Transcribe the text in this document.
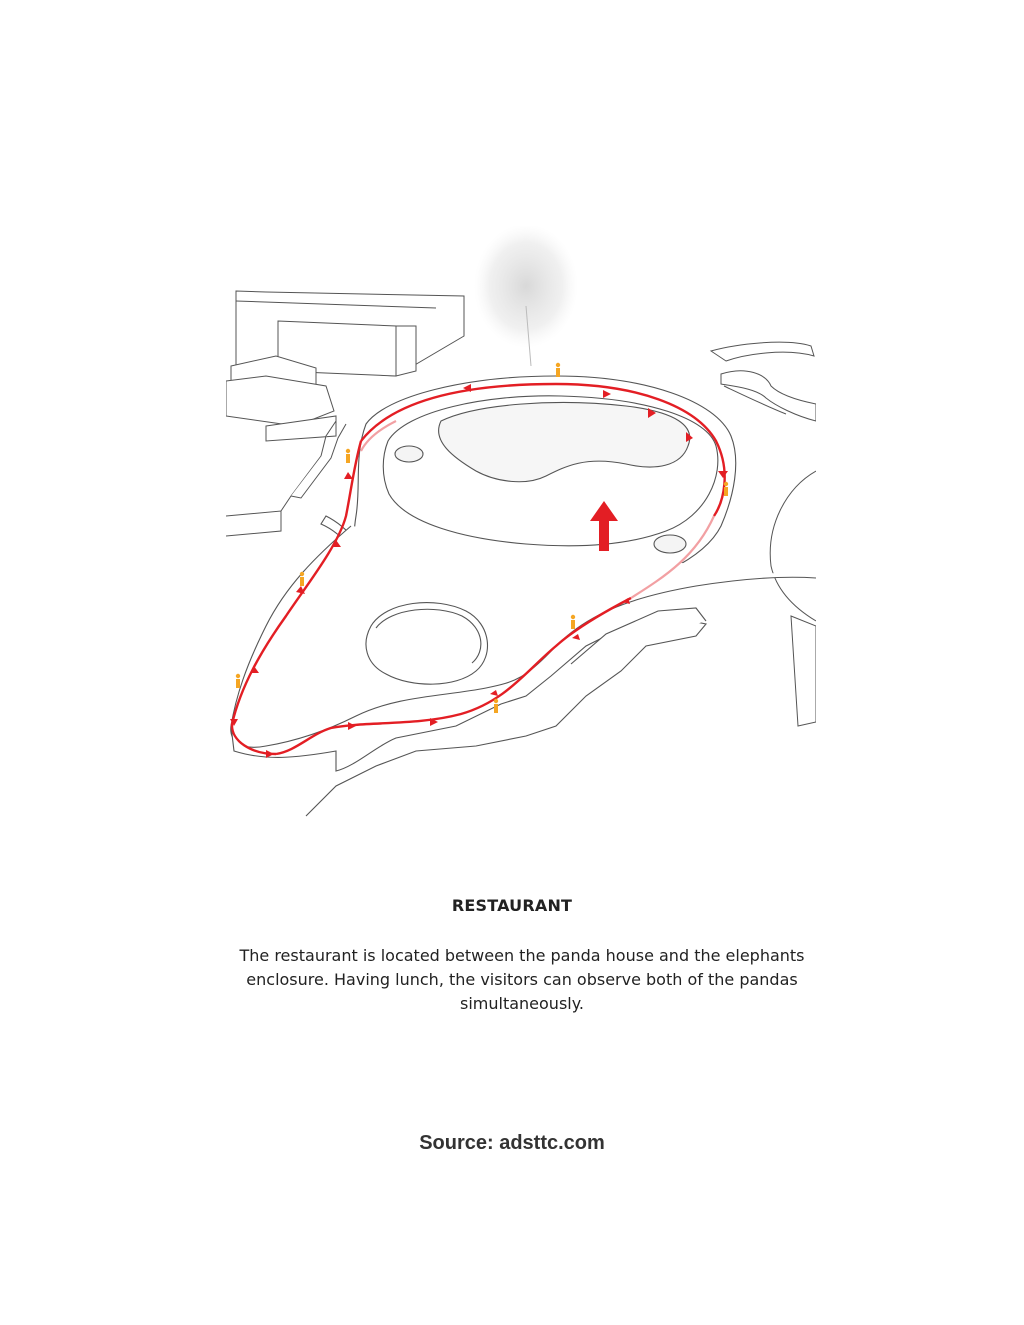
RESTAURANT
The restaurant is located between the panda house and the elephants enclosure. Having lunch, the visitors can observe both of the pandas simultaneously.
Source: adsttc.com
